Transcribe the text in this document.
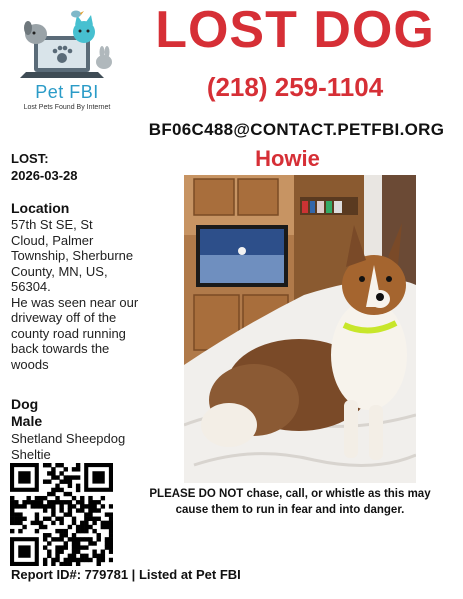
Pet FBI
Lost Pets Found By Internet
LOST DOG
(218) 259-1104
BF06C488@CONTACT.PETFBI.ORG
Howie
LOST:
2026-03-28
Location
57th St SE, St
Cloud, Palmer
Township, Sherburne
County, MN, US,
56304.
He was seen near our
driveway off of the
county road running
back towards the
woods
Dog
Male
Shetland Sheepdog
Sheltie
PLEASE DO NOT chase, call, or whistle as this may cause them to run in fear and into danger.
Report ID#: 779781 | Listed at Pet FBI
